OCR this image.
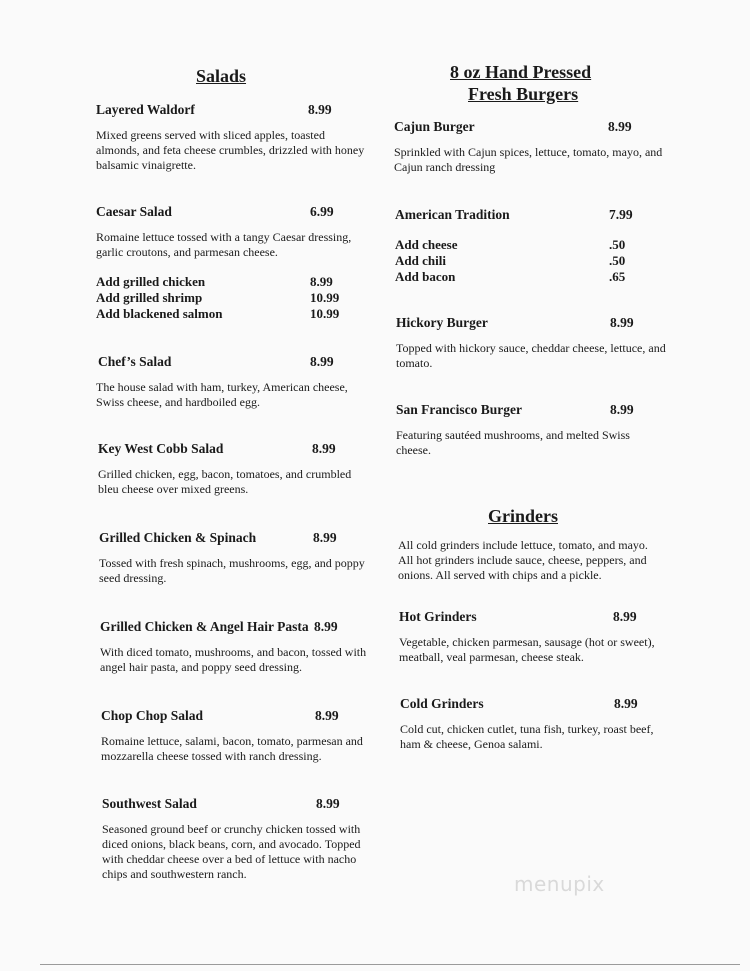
Salads
Layered Waldorf	8.99
Mixed greens served with sliced apples, toasted almonds, and feta cheese crumbles, drizzled with honey balsamic vinaigrette.
Caesar Salad	6.99
Romaine lettuce tossed with a tangy Caesar dressing, garlic croutons, and parmesan cheese.
Add grilled chicken	8.99
Add grilled shrimp	10.99
Add blackened salmon	10.99
Chef’s Salad	8.99
The house salad with ham, turkey, American cheese, Swiss cheese, and hardboiled egg.
Key West Cobb Salad	8.99
Grilled chicken, egg, bacon, tomatoes, and crumbled bleu cheese over mixed greens.
Grilled Chicken & Spinach	8.99
Tossed with fresh spinach, mushrooms, egg, and poppy seed dressing.
Grilled Chicken & Angel Hair Pasta 8.99
With diced tomato, mushrooms, and bacon, tossed with angel hair pasta, and poppy seed dressing.
Chop Chop Salad	8.99
Romaine lettuce, salami, bacon, tomato, parmesan and mozzarella cheese tossed with ranch dressing.
Southwest Salad	8.99
Seasoned ground beef or crunchy chicken tossed with diced onions, black beans, corn, and avocado. Topped with cheddar cheese over a bed of lettuce with nacho chips and southwestern ranch.
8 oz Hand Pressed
Fresh Burgers
Cajun Burger	8.99
Sprinkled with Cajun spices, lettuce, tomato, mayo, and Cajun ranch dressing
American Tradition	7.99
Add cheese	.50
Add chili	.50
Add bacon	.65
Hickory Burger	8.99
Topped with hickory sauce, cheddar cheese, lettuce, and tomato.
San Francisco Burger	8.99
Featuring sautéed mushrooms, and melted Swiss cheese.
Grinders
All cold grinders include lettuce, tomato, and mayo. All hot grinders include sauce, cheese, peppers, and onions. All served with chips and a pickle.
Hot Grinders	8.99
Vegetable, chicken parmesan, sausage (hot or sweet), meatball, veal parmesan, cheese steak.
Cold Grinders	8.99
Cold cut, chicken cutlet, tuna fish, turkey, roast beef, ham & cheese, Genoa salami.
menupix
